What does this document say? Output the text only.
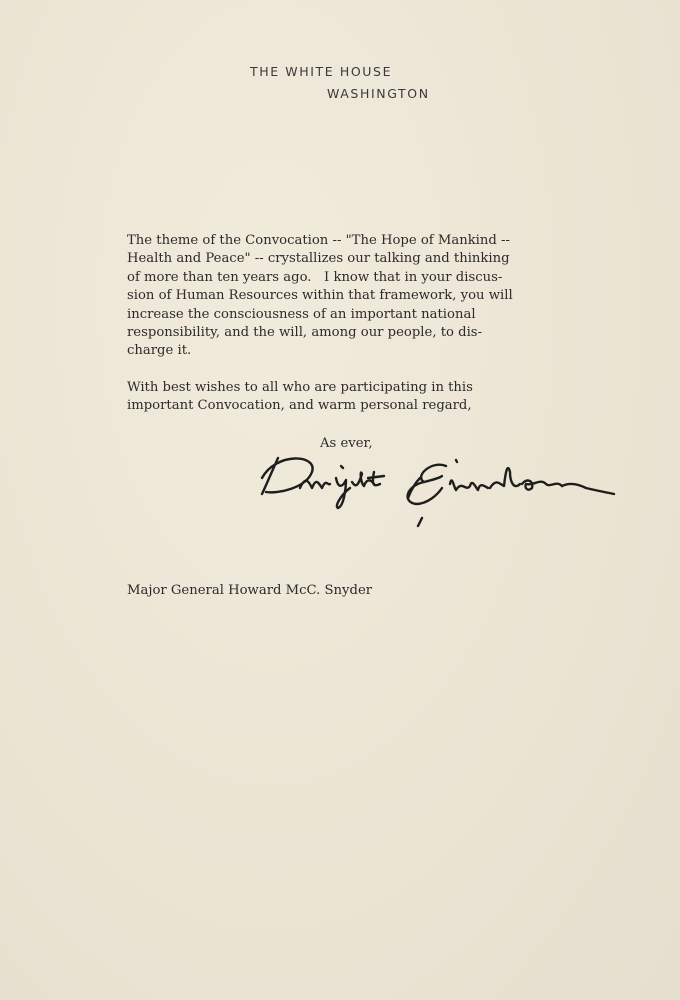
THE WHITE HOUSE
WASHINGTON
The theme of the Convocation -- "The Hope of Mankind --
Health and Peace" -- crystallizes our talking and thinking
of more than ten years ago.   I know that in your discus-
sion of Human Resources within that framework, you will
increase the consciousness of an important national
responsibility, and the will, among our people, to dis-
charge it.
With best wishes to all who are participating in this
important Convocation, and warm personal regard,
As ever,
Major General Howard McC. Snyder
